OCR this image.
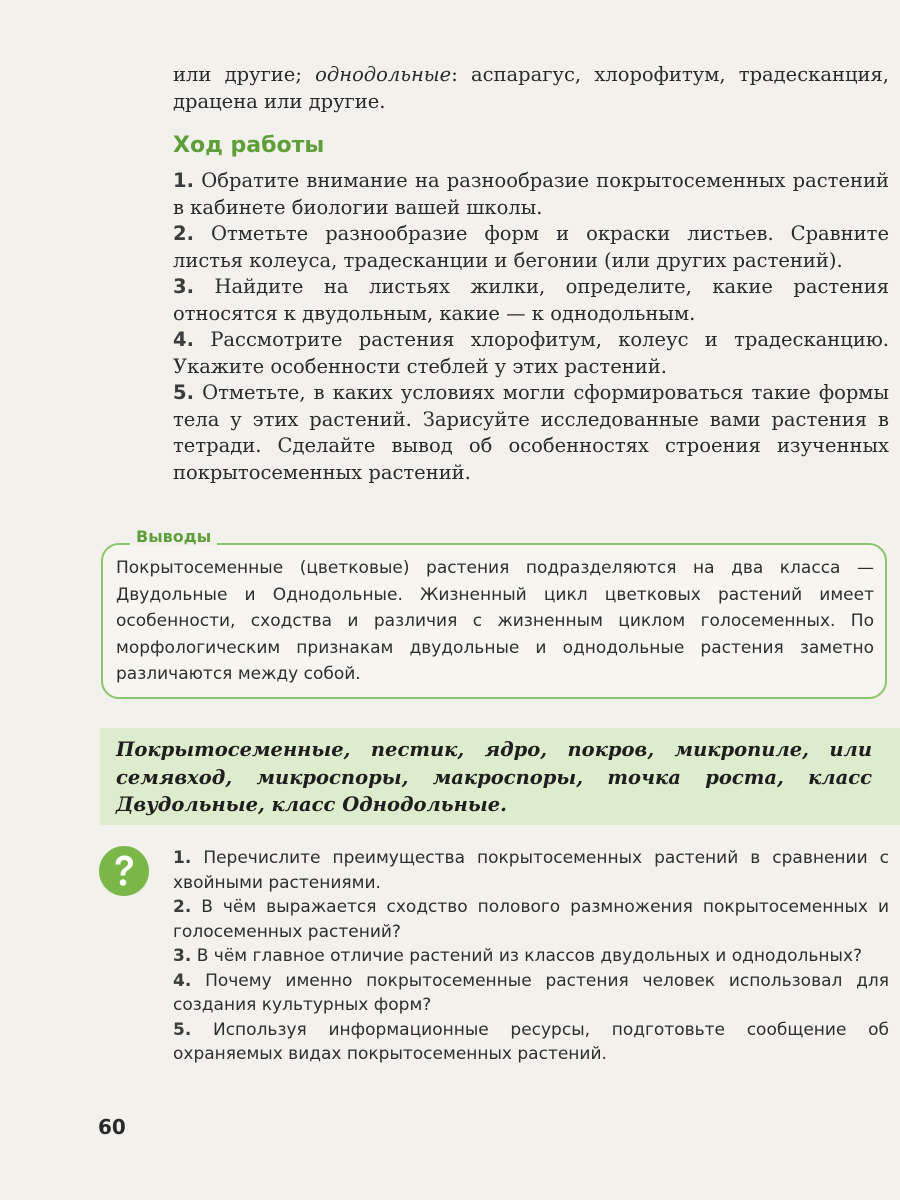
или другие; однодольные: аспарагус, хлорофитум, традесканция, драцена или другие.

Ход работы

1. Обратите внимание на разнообразие покрытосеменных растений в кабинете биологии вашей школы.

2. Отметьте разнообразие форм и окраски листьев. Сравните листья колеуса, традесканции и бегонии (или других растений).

3. Найдите на листьях жилки, определите, какие растения относятся к двудольным, какие — к однодольным.

4. Рассмотрите растения хлорофитум, колеус и традесканцию. Укажите особенности стеблей у этих растений.

5. Отметьте, в каких условиях могли сформироваться такие формы тела у этих растений. Зарисуйте исследованные вами растения в тетради. Сделайте вывод об особенностях строения изученных покрытосеменных растений.

Выводы

Покрытосеменные (цветковые) растения подразделяются на два класса — Двудольные и Однодольные. Жизненный цикл цветковых растений имеет особенности, сходства и различия с жизненным циклом голосеменных. По морфологическим признакам двудольные и однодольные растения заметно различаются между собой.

Покрытосеменные, пестик, ядро, покров, микропиле, или семявход, микроспоры, макроспоры, точка роста, класс Двудольные, класс Однодольные.

1. Перечислите преимущества покрытосеменных растений в сравнении с хвойными растениями.

2. В чём выражается сходство полового размножения покрытосеменных и голосеменных растений?

3. В чём главное отличие растений из классов двудольных и однодольных?

4. Почему именно покрытосеменные растения человек использовал для создания культурных форм?

5. Используя информационные ресурсы, подготовьте сообщение об охраняемых видах покрытосеменных растений.

60
